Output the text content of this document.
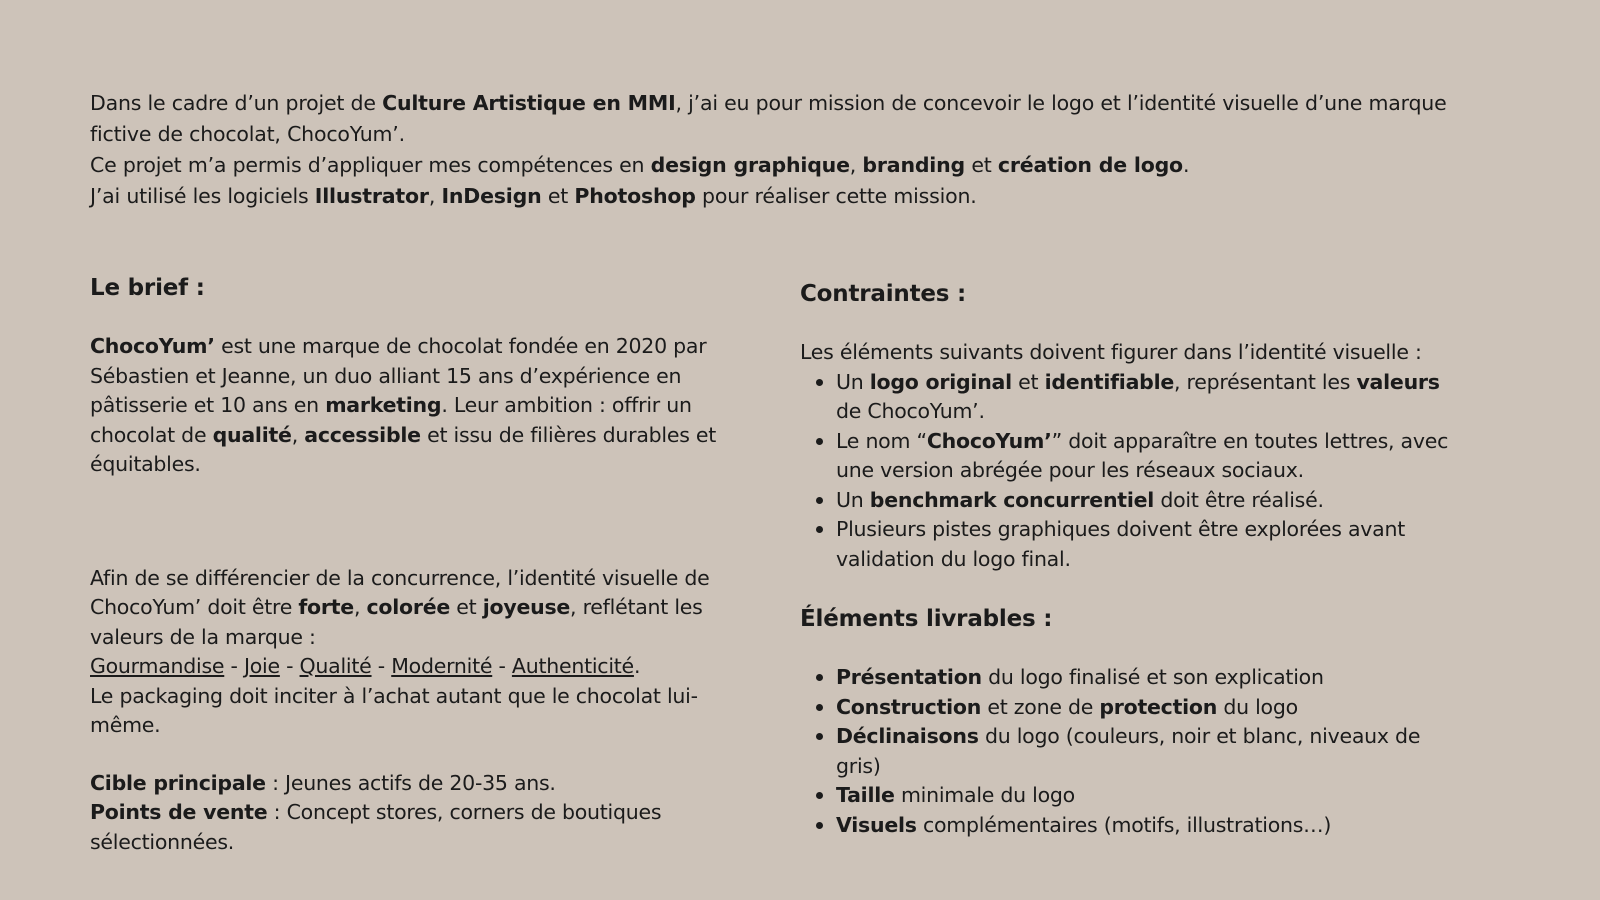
Dans le cadre d’un projet de Culture Artistique en MMI, j’ai eu pour mission de concevoir le logo et l’identité visuelle d’une marque fictive de chocolat, ChocoYum’.

Ce projet m’a permis d’appliquer mes compétences en design graphique, branding et création de logo.

J’ai utilisé les logiciels Illustrator, InDesign et Photoshop pour réaliser cette mission.

Le brief :

ChocoYum’ est une marque de chocolat fondée en 2020 par Sébastien et Jeanne, un duo alliant 15 ans d’expérience en pâtisserie et 10 ans en marketing. Leur ambition : offrir un chocolat de qualité, accessible et issu de filières durables et équitables.

Afin de se différencier de la concurrence, l’identité visuelle de ChocoYum’ doit être forte, colorée et joyeuse, reflétant les valeurs de la marque :

Gourmandise - Joie - Qualité - Modernité - Authenticité.

Le packaging doit inciter à l’achat autant que le chocolat lui-même.

Cible principale : Jeunes actifs de 20-35 ans.

Points de vente : Concept stores, corners de boutiques sélectionnées.

Contraintes :

Les éléments suivants doivent figurer dans l’identité visuelle :

Un logo original et identifiable, représentant les valeurs de ChocoYum’.
Le nom “ChocoYum’” doit apparaître en toutes lettres, avec une version abrégée pour les réseaux sociaux.
Un benchmark concurrentiel doit être réalisé.
Plusieurs pistes graphiques doivent être explorées avant validation du logo final.
Éléments livrables :
Présentation du logo finalisé et son explication
Construction et zone de protection du logo
Déclinaisons du logo (couleurs, noir et blanc, niveaux de gris)
Taille minimale du logo
Visuels complémentaires (motifs, illustrations…)
